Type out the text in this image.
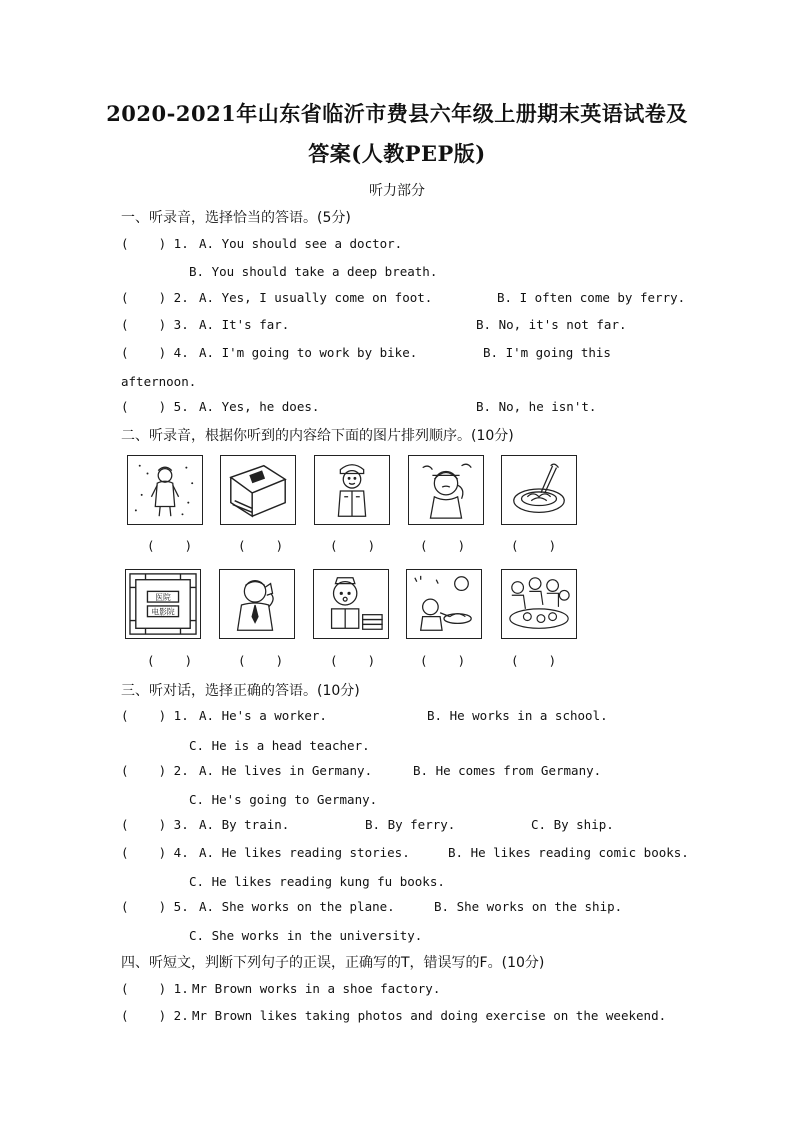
2020-2021年山东省临沂市费县六年级上册期末英语试卷及
答案(人教PEP版)
听力部分
一、听录音，选择恰当的答语。(5分)
(    ) 1. A. You should see a doctor.
B. You should take a deep breath.
(    ) 2. A. Yes, I usually come on foot.	B. I often come by ferry.
(    ) 3. A. It's far.	B. No, it's not far.
(    ) 4. A. I'm going to work by bike.	B. I'm going this
afternoon.
(    ) 5. A. Yes, he does.	B. No, he isn't.
二、听录音，根据你听到的内容给下面的图片排列顺序。(10分)
(    )	(    )	(    )	(    )	(    )
医院
电影院
(    )	(    )	(    )	(    )	(    )
三、听对话，选择正确的答语。(10分)
(    ) 1. A. He's a worker.	B. He works in a school.
C. He is a head teacher.
(    ) 2. A. He lives in Germany.	B. He comes from Germany.
C. He's going to Germany.
(    ) 3. A. By train.	B. By ferry.	C. By ship.
(    ) 4. A. He likes reading stories.	B. He likes reading comic books.
C. He likes reading kung fu books.
(    ) 5. A. She works on the plane.	B. She works on the ship.
C. She works in the university.
四、听短文，判断下列句子的正误，正确写的T，错误写的F。(10分)
(    ) 1. Mr Brown works in a shoe factory.
(    ) 2. Mr Brown likes taking photos and doing exercise on the weekend.
